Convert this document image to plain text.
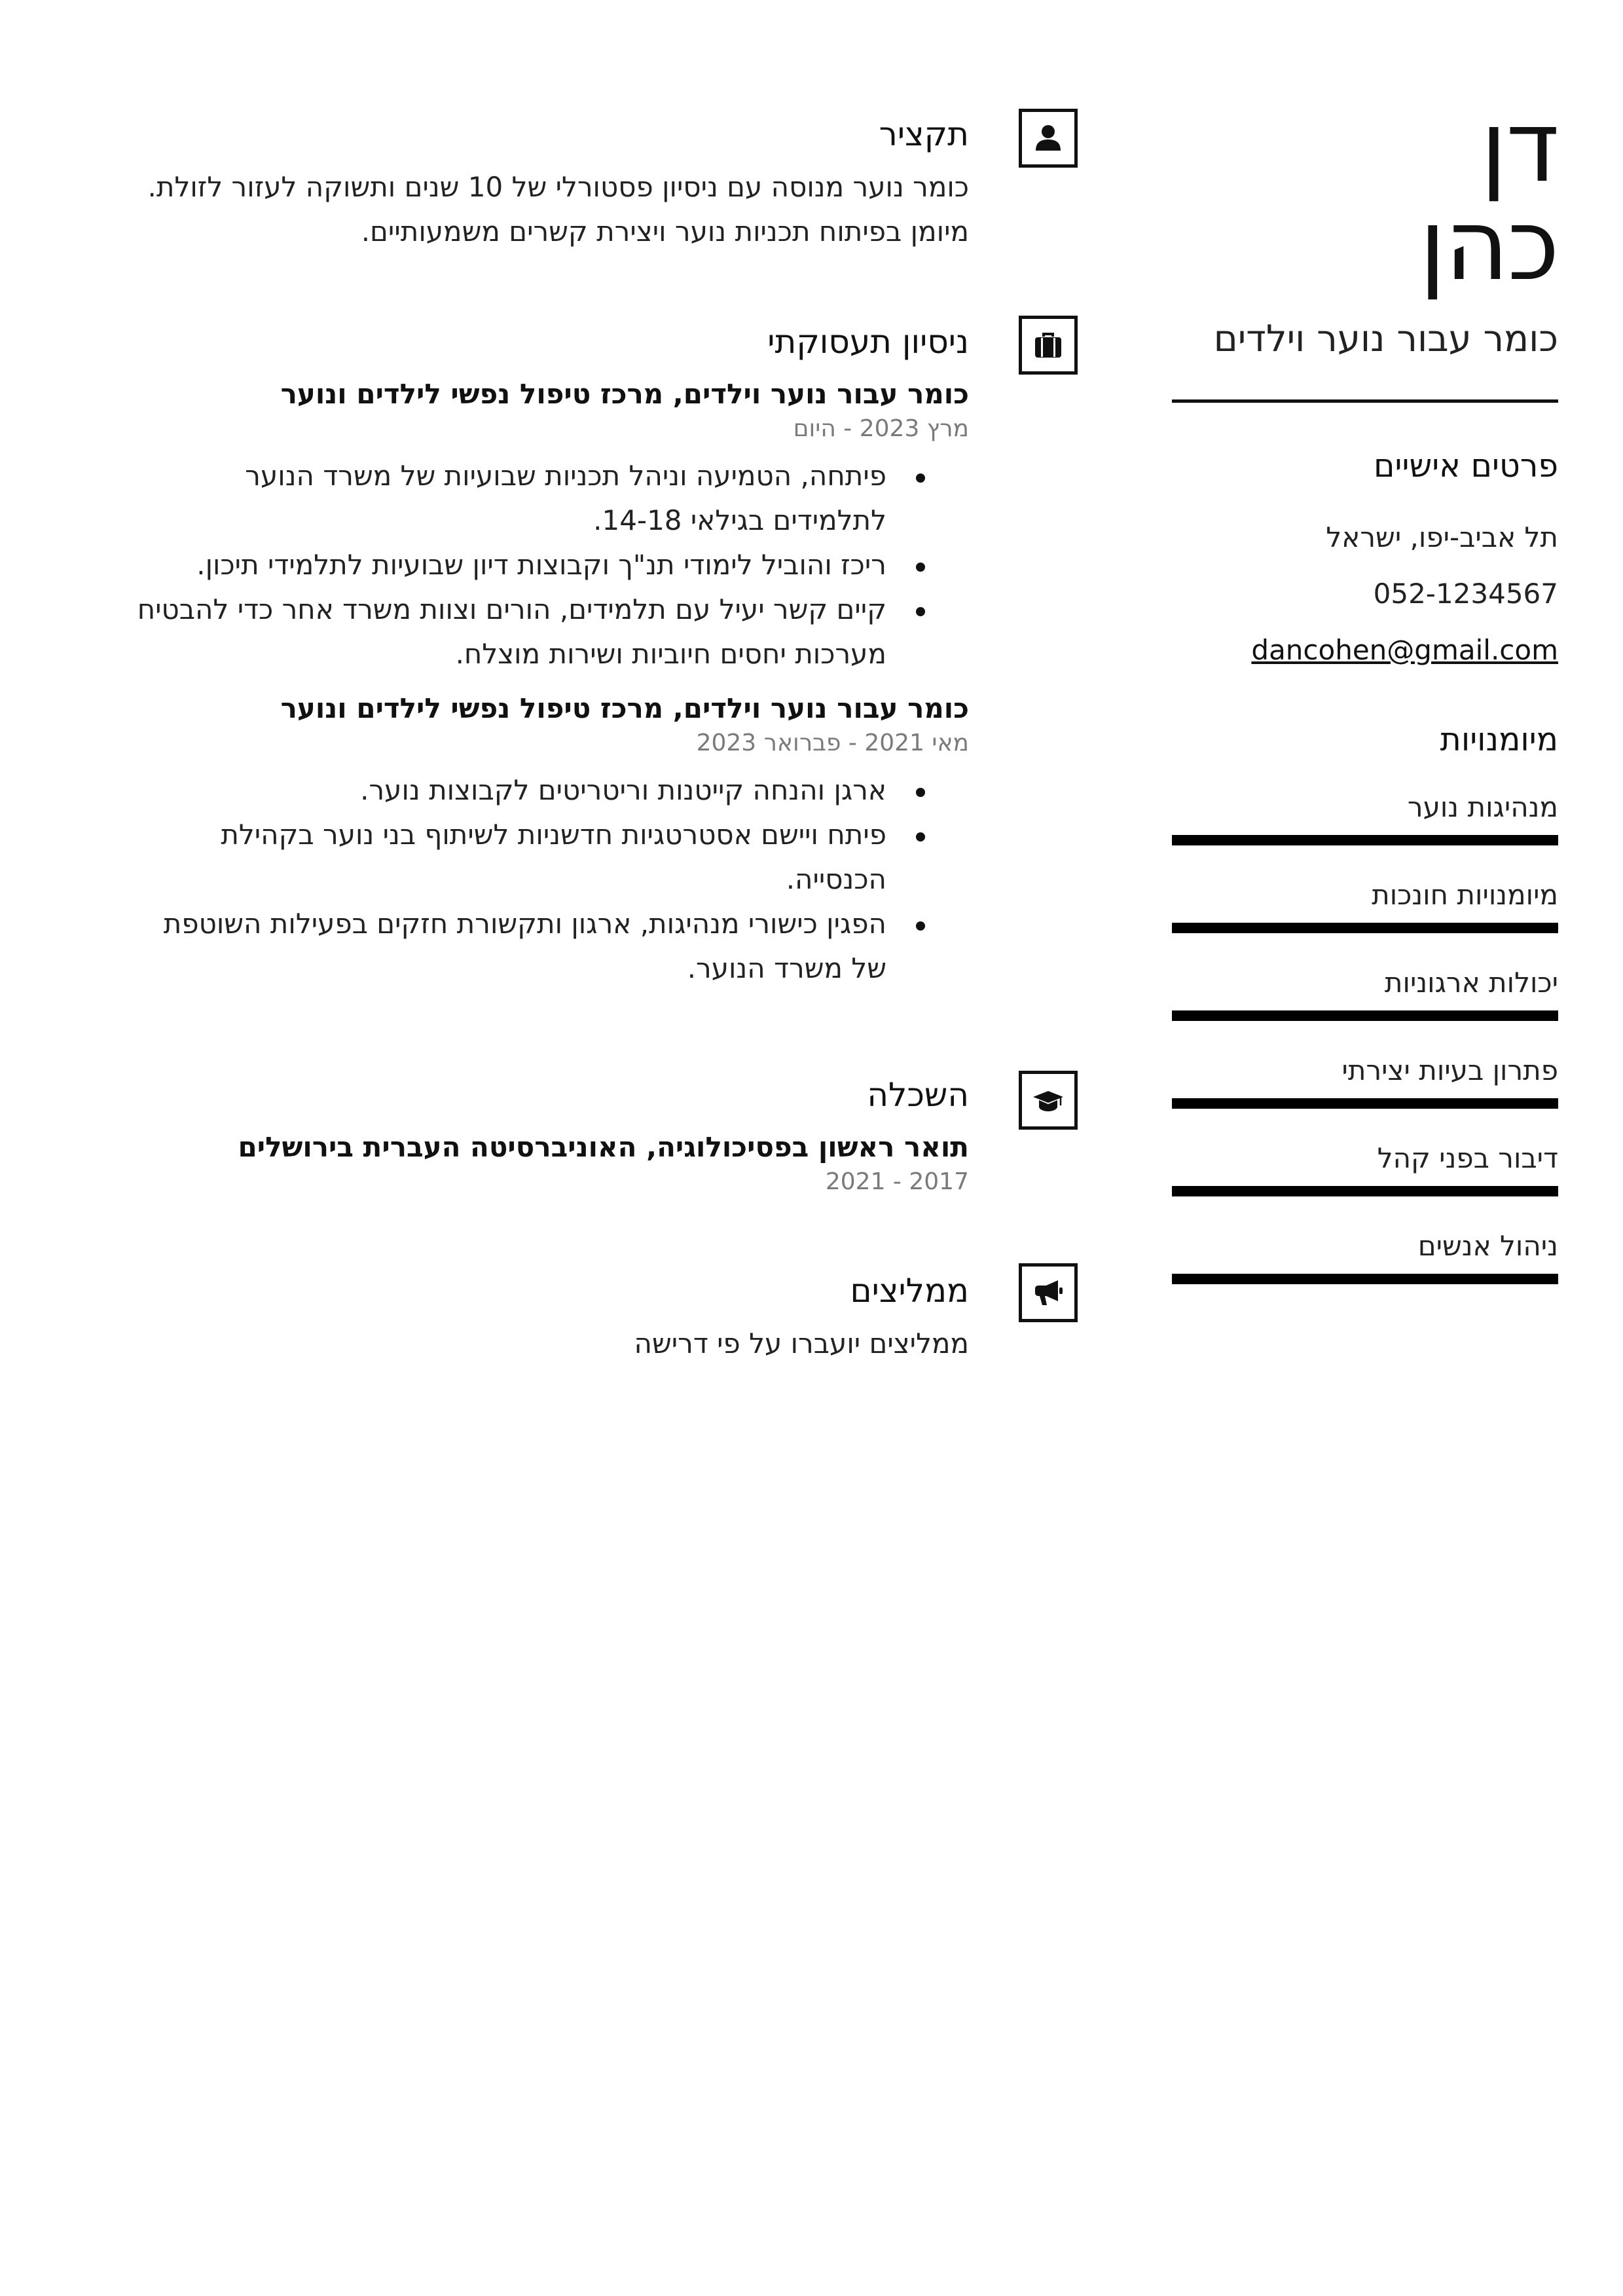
דן
כהן
כומר עבור נוער וילדים
פרטים אישיים
תל אביב-יפו, ישראל
052-1234567
dancohen@gmail.com
מיומנויות
מנהיגות נוער
מיומנויות חונכות
יכולות ארגוניות
פתרון בעיות יצירתי
דיבור בפני קהל
ניהול אנשים
תקציר
כומר נוער מנוסה עם ניסיון פסטורלי של 10 שנים ותשוקה לעזור לזולת. מיומן בפיתוח תכניות נוער ויצירת קשרים משמעותיים.
ניסיון תעסוקתי
כומר עבור נוער וילדים, מרכז טיפול נפשי לילדים ונוער
מרץ 2023 - היום
פיתחה, הטמיעה וניהל תכניות שבועיות של משרד הנוער לתלמידים בגילאי 14-18.
ריכז והוביל לימודי תנ"ך וקבוצות דיון שבועיות לתלמידי תיכון.
קיים קשר יעיל עם תלמידים, הורים וצוות משרד אחר כדי להבטיח מערכות יחסים חיוביות ושירות מוצלח.
כומר עבור נוער וילדים, מרכז טיפול נפשי לילדים ונוער
מאי 2021 - פברואר 2023
ארגן והנחה קייטנות וריטריטים לקבוצות נוער.
פיתח ויישם אסטרטגיות חדשניות לשיתוף בני נוער בקהילת הכנסייה.
הפגין כישורי מנהיגות, ארגון ותקשורת חזקים בפעילות השוטפת של משרד הנוער.
השכלה
תואר ראשון בפסיכולוגיה, האוניברסיטה העברית בירושלים
2017 - 2021
ממליצים
ממליצים יועברו על פי דרישה
